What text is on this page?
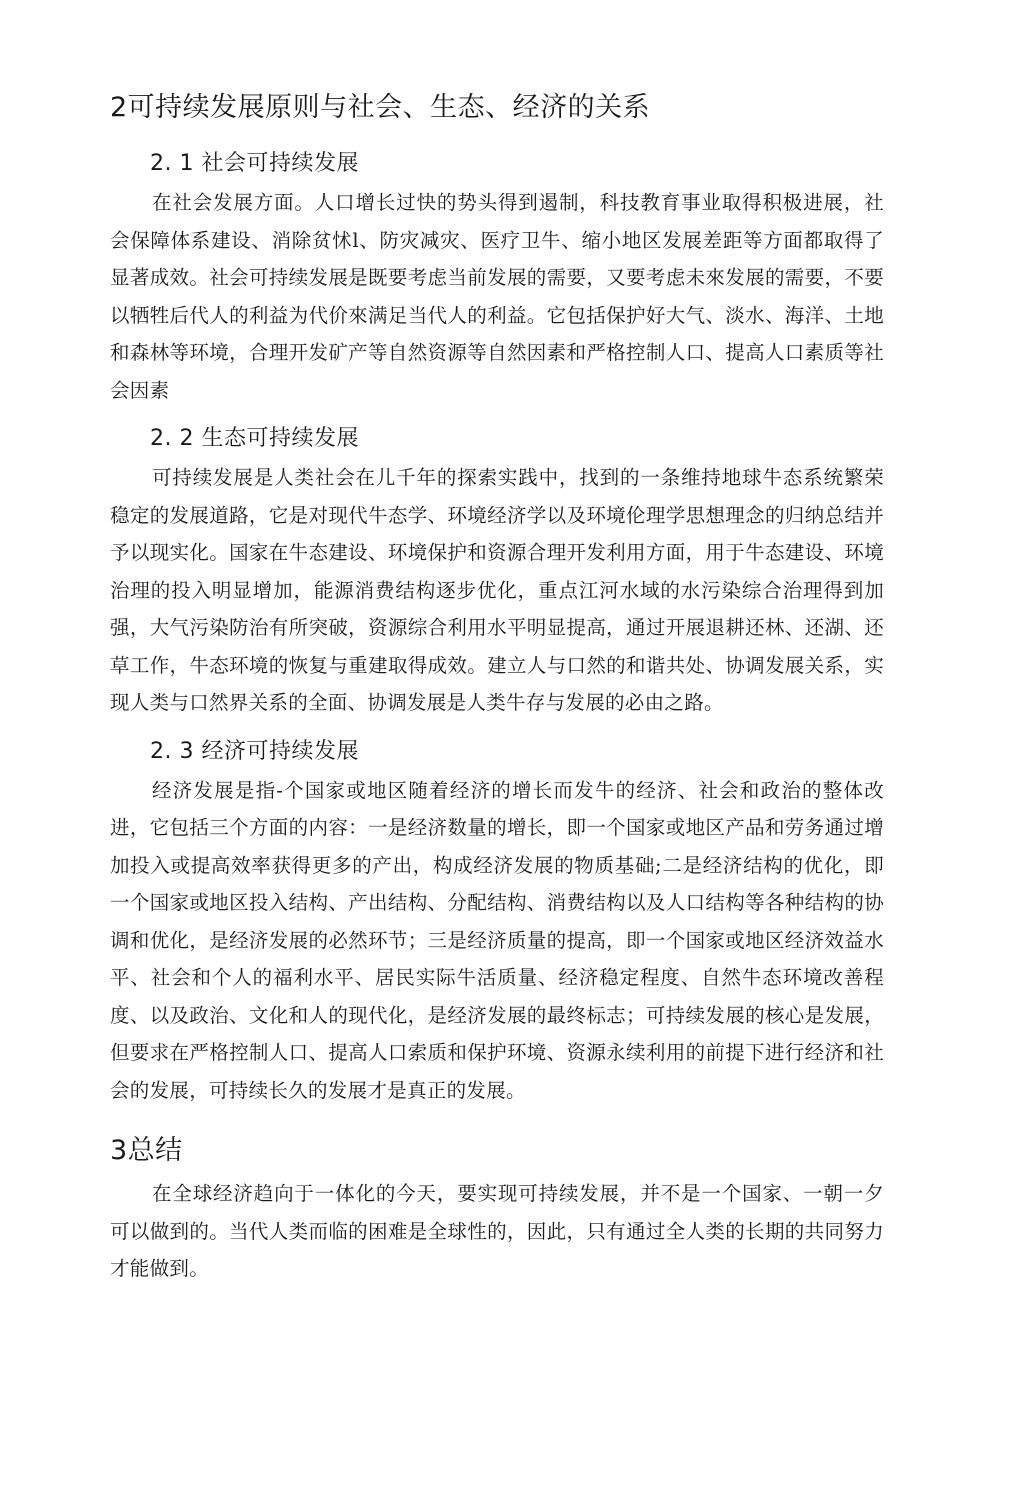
2可持续发展原则与社会、生态、经济的关系
2. 1 社会可持续发展

在社会发展方面。人口增长过快的势头得到遏制，科技教育事业取得积极进展，社会保障体系建设、消除贫怵l、防灾减灾、医疗卫牛、缩小地区发展差距等方面都取得了显著成效。社会可持续发展是既要考虑当前发展的需要，又要考虑未來发展的需要，不要以牺牲后代人的利益为代价來满足当代人的利益。它包括保护好大气、淡水、海洋、土地和森林等环境，合理开发矿产等自然资源等自然因素和严格控制人口、提高人口素质等社会因素

2. 2 生态可持续发展

可持续发展是人类社会在儿千年的探索实践中，找到的一条维持地球牛态系统繁荣稳定的发展道路，它是对现代牛态学、环境经济学以及环境伦理学思想理念的归纳总结并予以现实化。国家在牛态建设、环境保护和资源合理开发利用方面，用于牛态建设、环境治理的投入明显增加，能源消费结构逐步优化，重点江河水域的水污染综合治理得到加强，大气污染防治有所突破，资源综合利用水平明显提高，通过开展退耕还林、还湖、还草工作，牛态环境的恢复与重建取得成效。建立人与口然的和谐共处、协调发展关系，实现人类与口然界关系的全面、协调发展是人类牛存与发展的必由之路。

2. 3 经济可持续发展

经济发展是指-个国家或地区随着经济的增长而发牛的经济、社会和政治的整体改进，它包括三个方面的内容：一是经济数量的增长，即一个国家或地区产品和劳务通过增加投入或提高效率获得更多的产出，构成经济发展的物质基础;二是经济结构的优化，即一个国家或地区投入结构、产出结构、分配结构、消费结构以及人口结构等各种结构的协调和优化，是经济发展的必然环节；三是经济质量的提高，即一个国家或地区经济效益水平、社会和个人的福利水平、居民实际牛活质量、经济稳定程度、自然牛态环境改善程度、以及政治、文化和人的现代化，是经济发展的最终标志；可持续发展的核心是发展，但要求在严格控制人口、提高人口索质和保护环境、资源永续利用的前提下进行经济和社会的发展，可持续长久的发展才是真正的发展。

3总结

在全球经济趋向于一体化的今天，要实现可持续发展，并不是一个国家、一朝一夕可以做到的。当代人类而临的困难是全球性的，因此，只有通过全人类的长期的共同努力才能做到。
